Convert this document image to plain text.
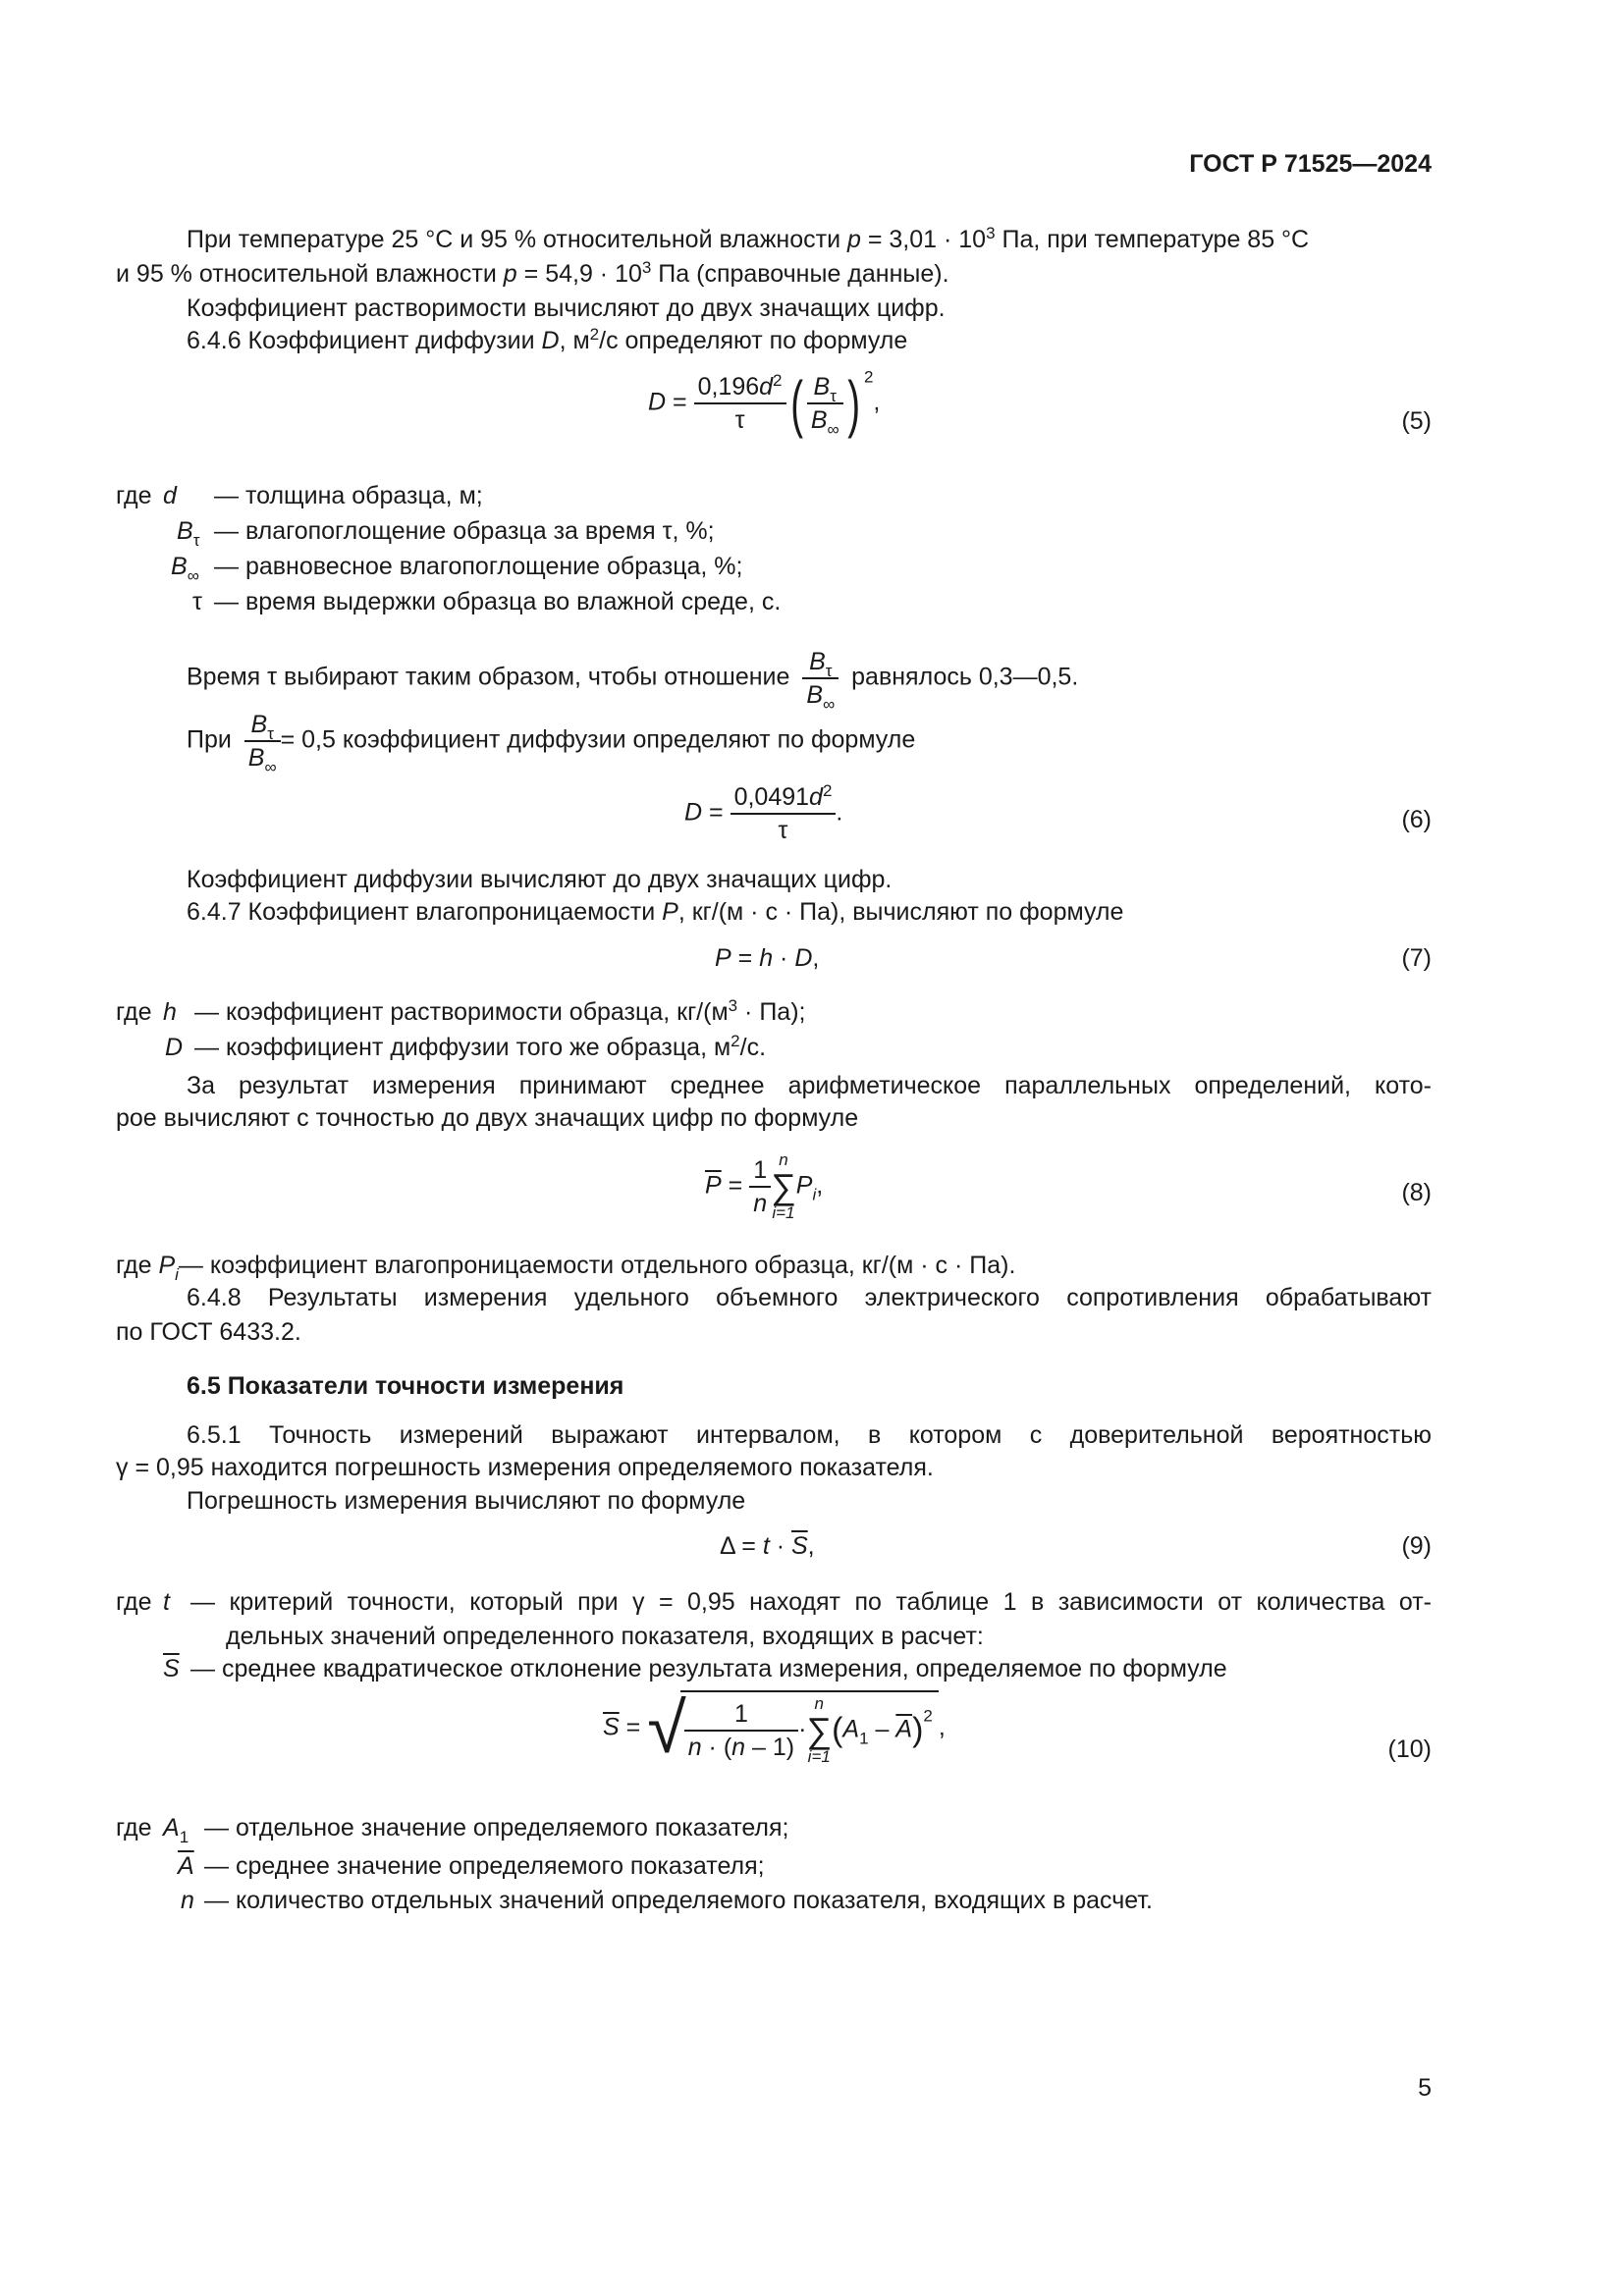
ГОСТ Р 71525—2024
При температуре 25 °С и 95 % относительной влажности $p = 3,01 \cdot 10^3$ Па, при температуре 85 °С
и 95 % относительной влажности $p = 54,9 \cdot 10^3$ Па (справочные данные).
Коэффициент растворимости вычисляют до двух значащих цифр.
6.4.6 Коэффициент диффузии D, $м^2/с$ определяют по формуле
$D = \frac{0,196d^2}{\tau}$ ( $\frac{B_\tau}{B_\infty}$ ) $^2$,
(5)
где d — толщина образца, м;
$B_\tau$ — влагопоглощение образца за время τ, %;
$B_\infty$ — равновесное влагопоглощение образца, %;
τ — время выдержки образца во влажной среде, с.
Время τ выбирают таким образом, чтобы отношение $\frac{B_\tau}{B_\infty}$ равнялось 0,3—0,5.
При $\frac{B_\tau}{B_\infty} = 0,5$ коэффициент диффузии определяют по формуле
$D = \frac{0,0491d^2}{\tau}$ .	(6)
Коэффициент диффузии вычисляют до двух значащих цифр.
6.4.7 Коэффициент влагопроницаемости P, кг/(м · с · Па), вычисляют по формуле
P = h · D,	(7)
где h — коэффициент растворимости образца, $кг/(м^3 \cdot Па)$;
D — коэффициент диффузии того же образца, $м^2/с$.
За результат измерения принимают среднее арифметическое параллельных определений, кото-
рое вычисляют с точностью до двух значащих цифр по формуле
$\overline{P} = \frac{1}{n}$ n
∑
i=1
$P_i$,	(8)
где $P_i—$ коэффициент влагопроницаемости отдельного образца, кг/(м · с · Па).
6.4.8 Результаты измерения удельного объемного электрического сопротивления обрабатывают
по ГОСТ 6433.2.
6.5 Показатели точности измерения
6.5.1 Точность измерений выражают интервалом, в котором с доверительной вероятностью
γ = 0,95 находится погрешность измерения определяемого показателя.
Погрешность измерения вычисляют по формуле
$\Delta = t \cdot \overline{S}$,	(9)
где t — критерий точности, который при γ = 0,95 находят по таблице 1 в зависимости от количества от-
дельных значений определенного показателя, входящих в расчет:
$\overline{S}$ — среднее квадратическое отклонение результата измерения, определяемое по формуле
$\overline{S}$ = √
$\frac{1}{n \cdot (n - 1)}$ ·
n
∑
i=1
$(A_1 - \overline{A})^2$ ,
(10)
где $A_1$ — отдельное значение определяемого показателя;
$\overline{A}$ — среднее значение определяемого показателя;
n — количество отдельных значений определяемого показателя, входящих в расчет.
5
